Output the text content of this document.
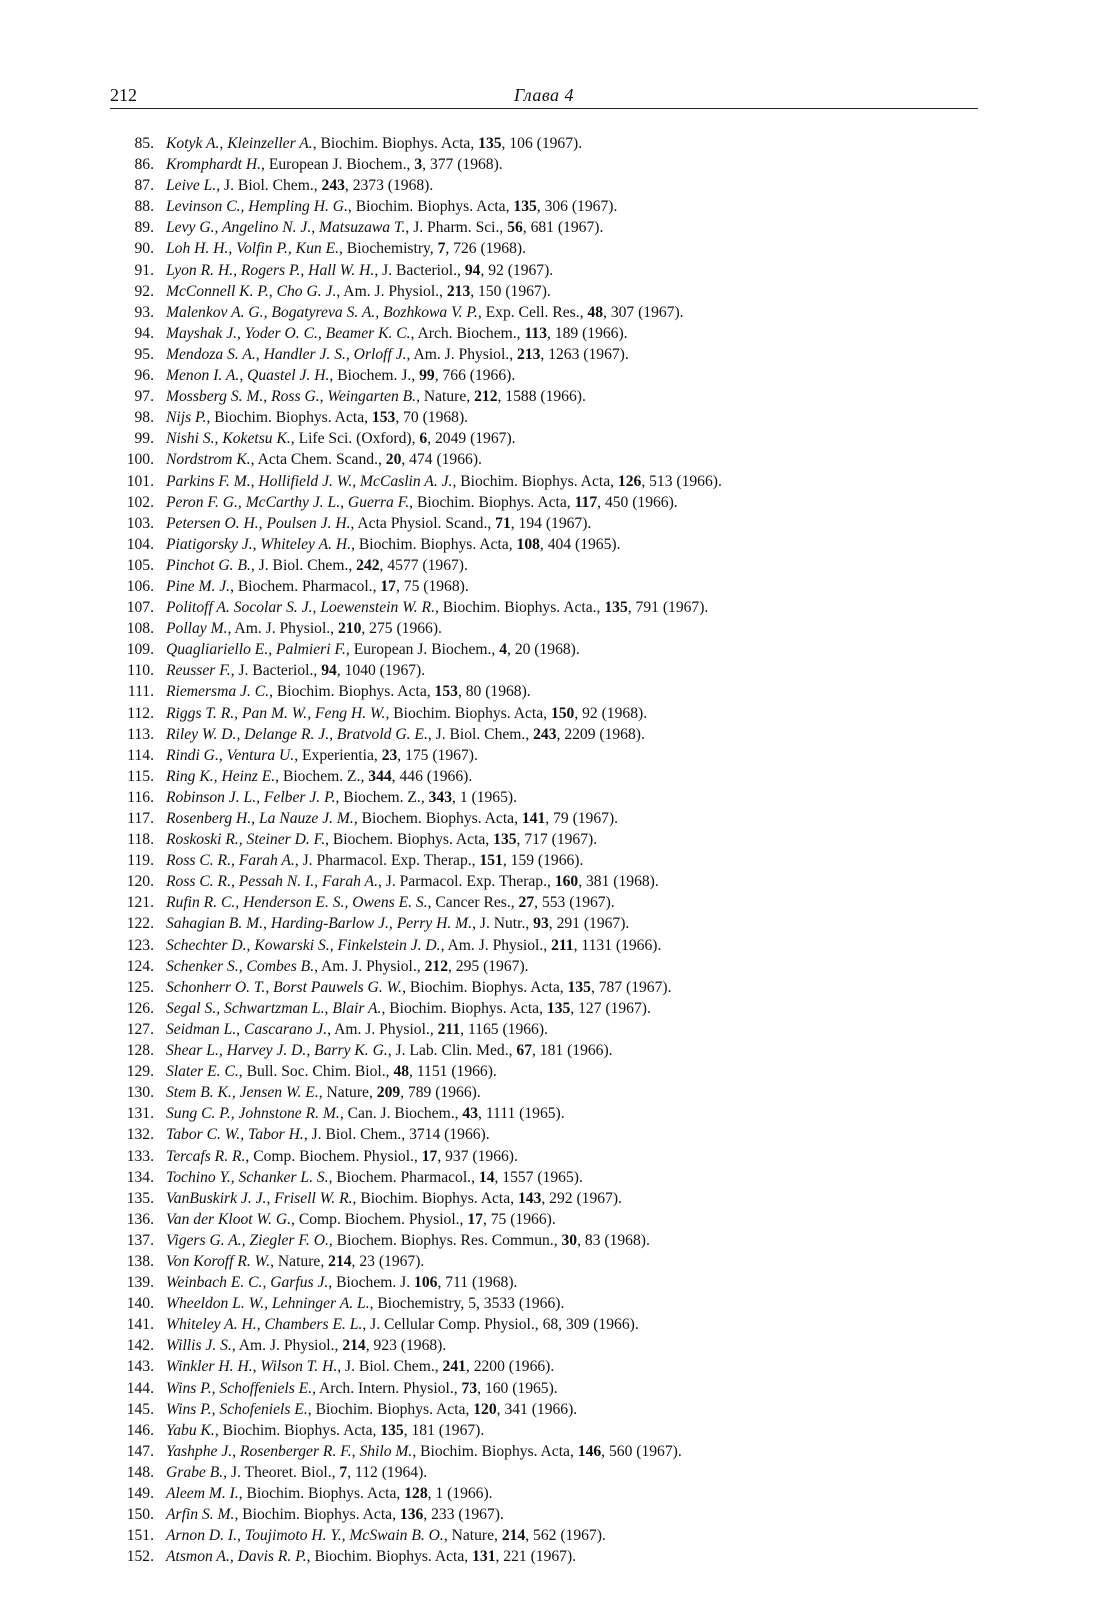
212	Глава 4
85. Kotyk A., Kleinzeller A., Biochim. Biophys. Acta, 135, 106 (1967).
86. Kromphardt H., European J. Biochem., 3, 377 (1968).
87. Leive L., J. Biol. Chem., 243, 2373 (1968).
88. Levinson C., Hempling H. G., Biochim. Biophys. Acta, 135, 306 (1967).
89. Levy G., Angelino N. J., Matsuzawa T., J. Pharm. Sci., 56, 681 (1967).
90. Loh H. H., Volfin P., Kun E., Biochemistry, 7, 726 (1968).
91. Lyon R. H., Rogers P., Hall W. H., J. Bacteriol., 94, 92 (1967).
92. McConnell K. P., Cho G. J., Am. J. Physiol., 213, 150 (1967).
93. Malenkov A. G., Bogatyreva S. A., Bozhkowa V. P., Exp. Cell. Res., 48, 307 (1967).
94. Mayshak J., Yoder O. C., Beamer K. C., Arch. Biochem., 113, 189 (1966).
95. Mendoza S. A., Handler J. S., Orloff J., Am. J. Physiol., 213, 1263 (1967).
96. Menon I. A., Quastel J. H., Biochem. J., 99, 766 (1966).
97. Mossberg S. M., Ross G., Weingarten B., Nature, 212, 1588 (1966).
98. Nijs P., Biochim. Biophys. Acta, 153, 70 (1968).
99. Nishi S., Koketsu K., Life Sci. (Oxford), 6, 2049 (1967).
100. Nordstrom K., Acta Chem. Scand., 20, 474 (1966).
101. Parkins F. M., Hollifield J. W., McCaslin A. J., Biochim. Biophys. Acta, 126, 513 (1966).
102. Peron F. G., McCarthy J. L., Guerra F., Biochim. Biophys. Acta, 117, 450 (1966).
103. Petersen O. H., Poulsen J. H., Acta Physiol. Scand., 71, 194 (1967).
104. Piatigorsky J., Whiteley A. H., Biochim. Biophys. Acta, 108, 404 (1965).
105. Pinchot G. B., J. Biol. Chem., 242, 4577 (1967).
106. Pine M. J., Biochem. Pharmacol., 17, 75 (1968).
107. Politoff A. Socolar S. J., Loewenstein W. R., Biochim. Biophys. Acta., 135, 791 (1967).
108. Pollay M., Am. J. Physiol., 210, 275 (1966).
109. Quagliariello E., Palmieri F., European J. Biochem., 4, 20 (1968).
110. Reusser F., J. Bacteriol., 94, 1040 (1967).
111. Riemersma J. C., Biochim. Biophys. Acta, 153, 80 (1968).
112. Riggs T. R., Pan M. W., Feng H. W., Biochim. Biophys. Acta, 150, 92 (1968).
113. Riley W. D., Delange R. J., Bratvold G. E., J. Biol. Chem., 243, 2209 (1968).
114. Rindi G., Ventura U., Experientia, 23, 175 (1967).
115. Ring K., Heinz E., Biochem. Z., 344, 446 (1966).
116. Robinson J. L., Felber J. P., Biochem. Z., 343, 1 (1965).
117. Rosenberg H., La Nauze J. M., Biochem. Biophys. Acta, 141, 79 (1967).
118. Roskoski R., Steiner D. F., Biochem. Biophys. Acta, 135, 717 (1967).
119. Ross C. R., Farah A., J. Pharmacol. Exp. Therap., 151, 159 (1966).
120. Ross C. R., Pessah N. I., Farah A., J. Parmacol. Exp. Therap., 160, 381 (1968).
121. Rufin R. C., Henderson E. S., Owens E. S., Cancer Res., 27, 553 (1967).
122. Sahagian B. M., Harding-Barlow J., Perry H. M., J. Nutr., 93, 291 (1967).
123. Schechter D., Kowarski S., Finkelstein J. D., Am. J. Physiol., 211, 1131 (1966).
124. Schenker S., Combes B., Am. J. Physiol., 212, 295 (1967).
125. Schonherr O. T., Borst Pauwels G. W., Biochim. Biophys. Acta, 135, 787 (1967).
126. Segal S., Schwartzman L., Blair A., Biochim. Biophys. Acta, 135, 127 (1967).
127. Seidman L., Cascarano J., Am. J. Physiol., 211, 1165 (1966).
128. Shear L., Harvey J. D., Barry K. G., J. Lab. Clin. Med., 67, 181 (1966).
129. Slater E. C., Bull. Soc. Chim. Biol., 48, 1151 (1966).
130. Stem B. K., Jensen W. E., Nature, 209, 789 (1966).
131. Sung C. P., Johnstone R. M., Can. J. Biochem., 43, 1111 (1965).
132. Tabor C. W., Tabor H., J. Biol. Chem., 3714 (1966).
133. Tercafs R. R., Comp. Biochem. Physiol., 17, 937 (1966).
134. Tochino Y., Schanker L. S., Biochem. Pharmacol., 14, 1557 (1965).
135. VanBuskirk J. J., Frisell W. R., Biochim. Biophys. Acta, 143, 292 (1967).
136. Van der Kloot W. G., Comp. Biochem. Physiol., 17, 75 (1966).
137. Vigers G. A., Ziegler F. O., Biochem. Biophys. Res. Commun., 30, 83 (1968).
138. Von Koroff R. W., Nature, 214, 23 (1967).
139. Weinbach E. C., Garfus J., Biochem. J. 106, 711 (1968).
140. Wheeldon L. W., Lehninger A. L., Biochemistry, 5, 3533 (1966).
141. Whiteley A. H., Chambers E. L., J. Cellular Comp. Physiol., 68, 309 (1966).
142. Willis J. S., Am. J. Physiol., 214, 923 (1968).
143. Winkler H. H., Wilson T. H., J. Biol. Chem., 241, 2200 (1966).
144. Wins P., Schoffeniels E., Arch. Intern. Physiol., 73, 160 (1965).
145. Wins P., Schofeniels E., Biochim. Biophys. Acta, 120, 341 (1966).
146. Yabu K., Biochim. Biophys. Acta, 135, 181 (1967).
147. Yashphe J., Rosenberger R. F., Shilo M., Biochim. Biophys. Acta, 146, 560 (1967).
148. Grabe B., J. Theoret. Biol., 7, 112 (1964).
149. Aleem M. I., Biochim. Biophys. Acta, 128, 1 (1966).
150. Arfin S. M., Biochim. Biophys. Acta, 136, 233 (1967).
151. Arnon D. I., Toujimoto H. Y., McSwain B. O., Nature, 214, 562 (1967).
152. Atsmon A., Davis R. P., Biochim. Biophys. Acta, 131, 221 (1967).
